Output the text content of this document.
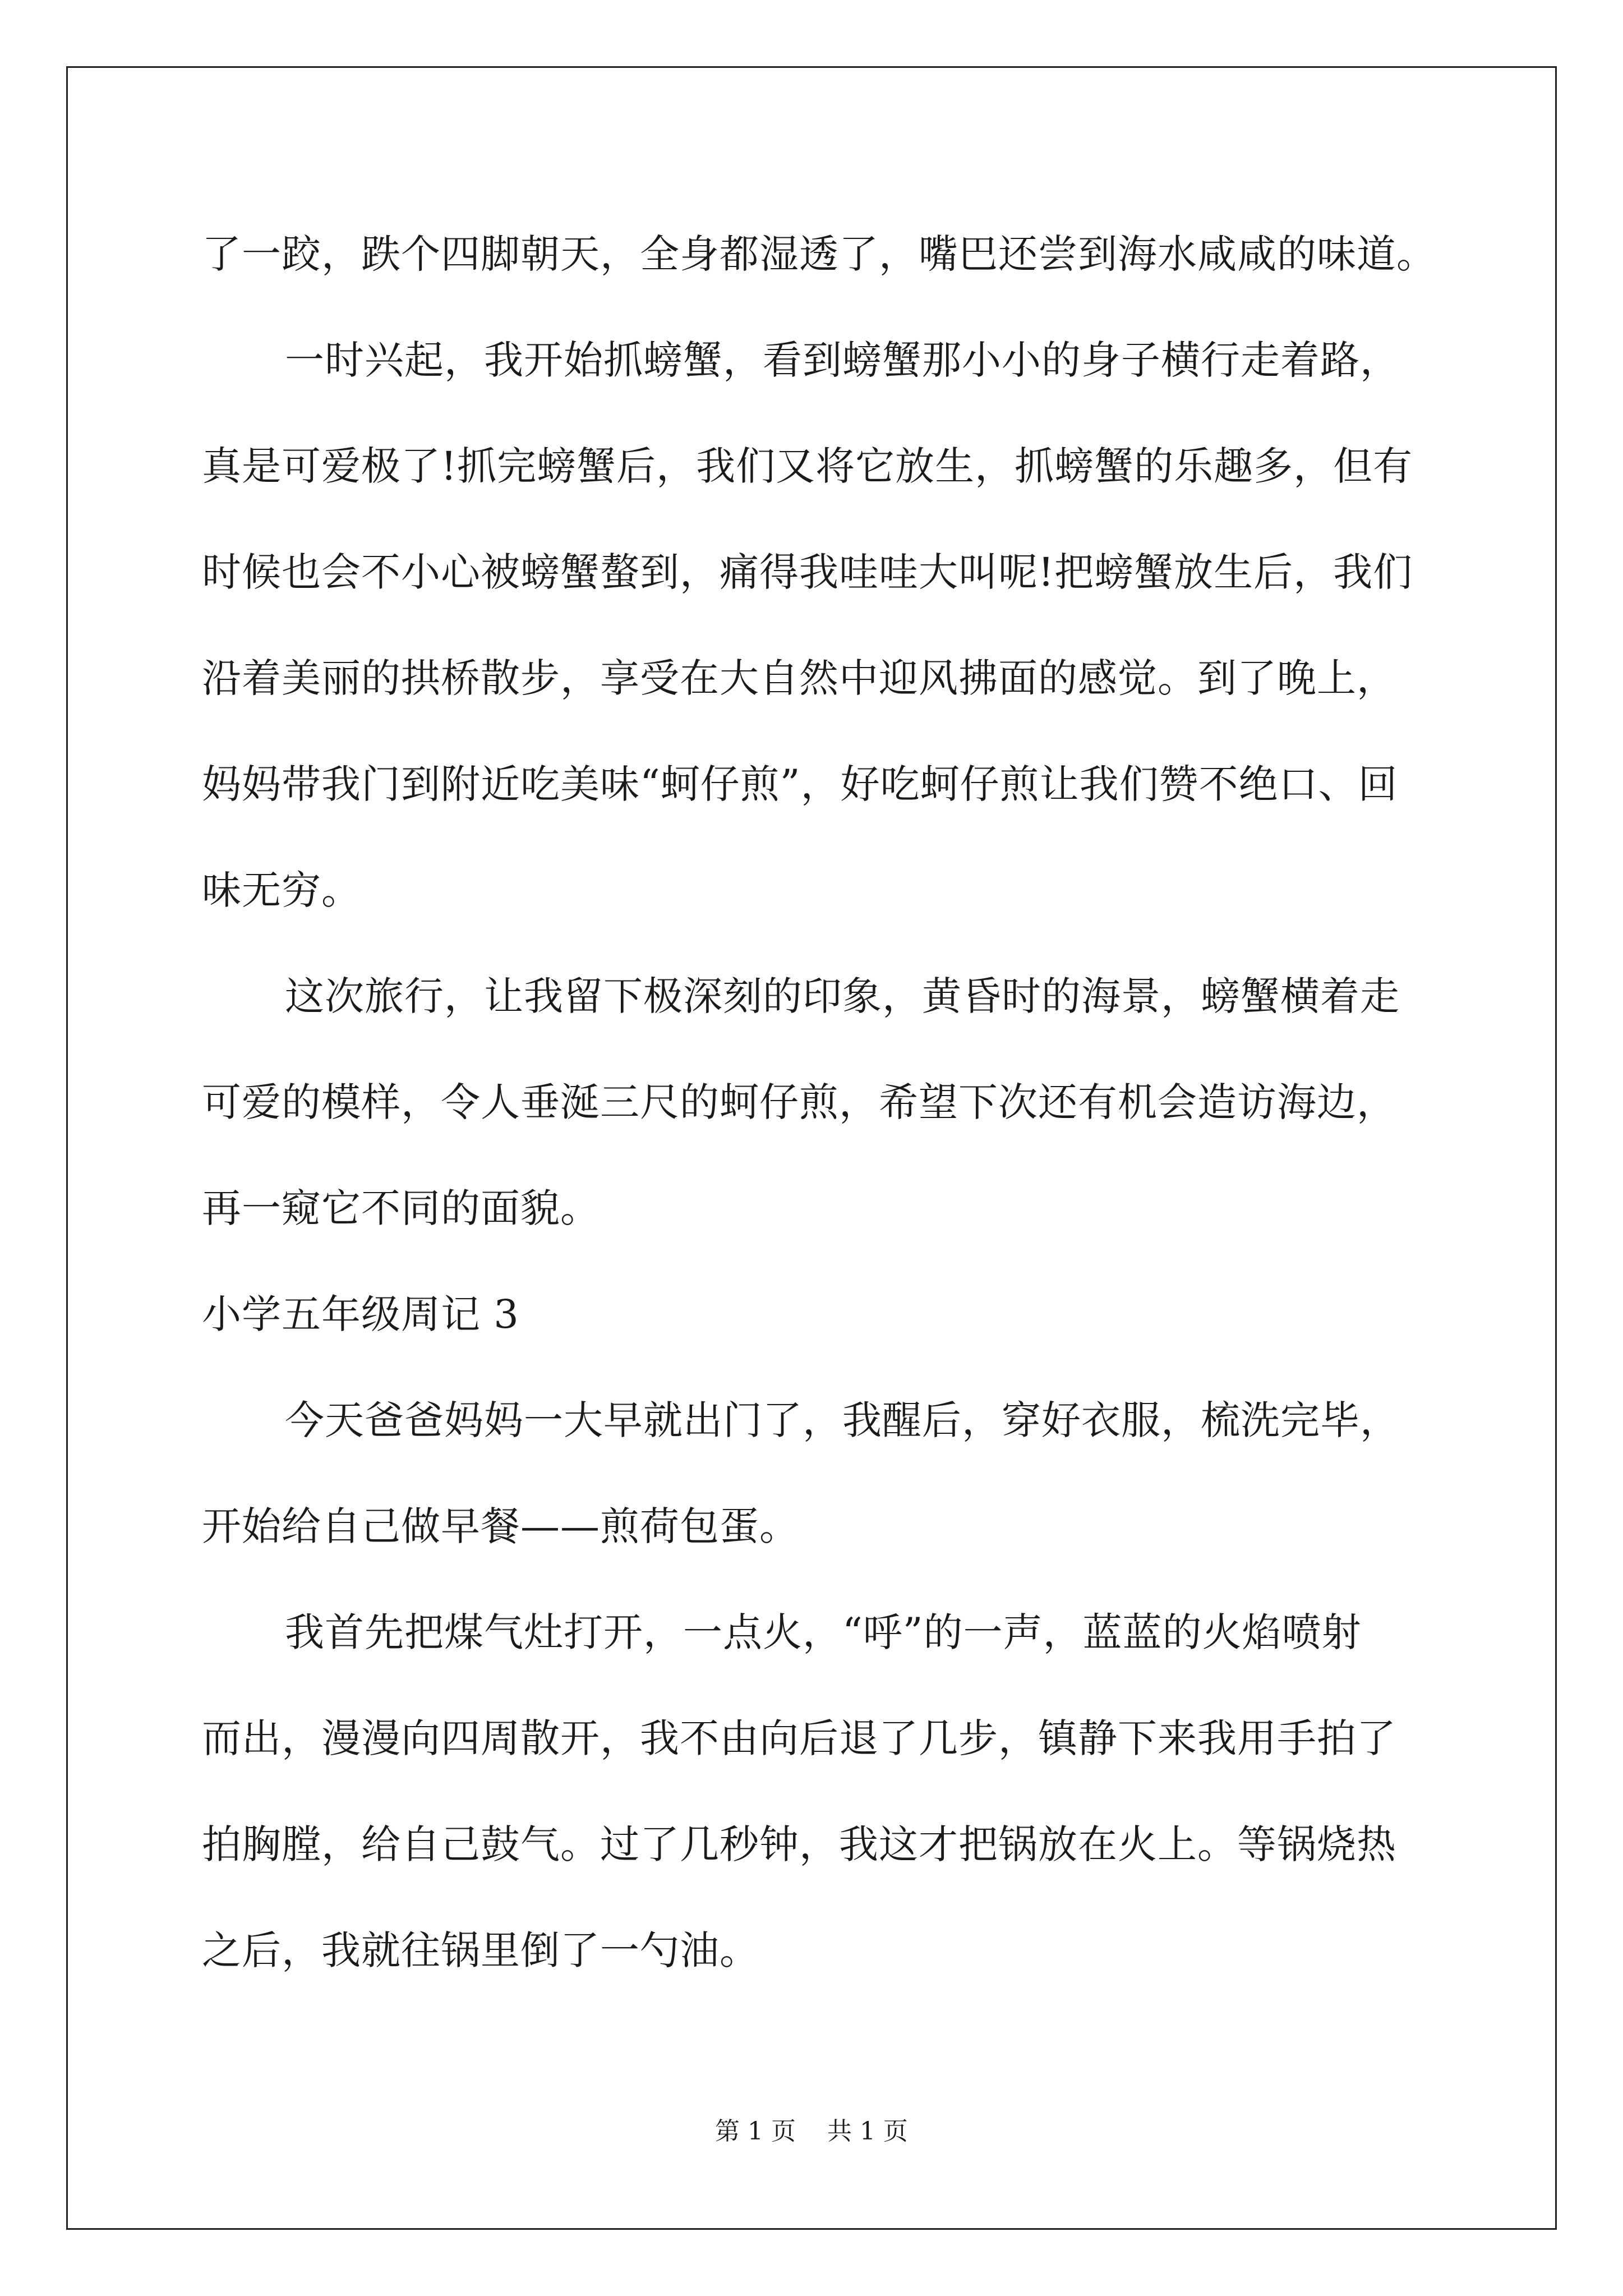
了一跤，跌个四脚朝天，全身都湿透了，嘴巴还尝到海水咸咸的味道。
一时兴起，我开始抓螃蟹，看到螃蟹那小小的身子横行走着路，
真是可爱极了!抓完螃蟹后，我们又将它放生，抓螃蟹的乐趣多，但有
时候也会不小心被螃蟹螯到，痛得我哇哇大叫呢!把螃蟹放生后，我们
沿着美丽的拱桥散步，享受在大自然中迎风拂面的感觉。到了晚上，
妈妈带我门到附近吃美味“蚵仔煎”，好吃蚵仔煎让我们赞不绝口、回
味无穷。
这次旅行，让我留下极深刻的印象，黄昏时的海景，螃蟹横着走
可爱的模样，令人垂涎三尺的蚵仔煎，希望下次还有机会造访海边，
再一窥它不同的面貌。
小学五年级周记 3
今天爸爸妈妈一大早就出门了，我醒后，穿好衣服，梳洗完毕，
开始给自己做早餐——煎荷包蛋。
我首先把煤气灶打开，一点火，“呼”的一声，蓝蓝的火焰喷射
而出，漫漫向四周散开，我不由向后退了几步，镇静下来我用手拍了
拍胸膛，给自己鼓气。过了几秒钟，我这才把锅放在火上。等锅烧热
之后，我就往锅里倒了一勺油。
第 1 页    共 1 页
